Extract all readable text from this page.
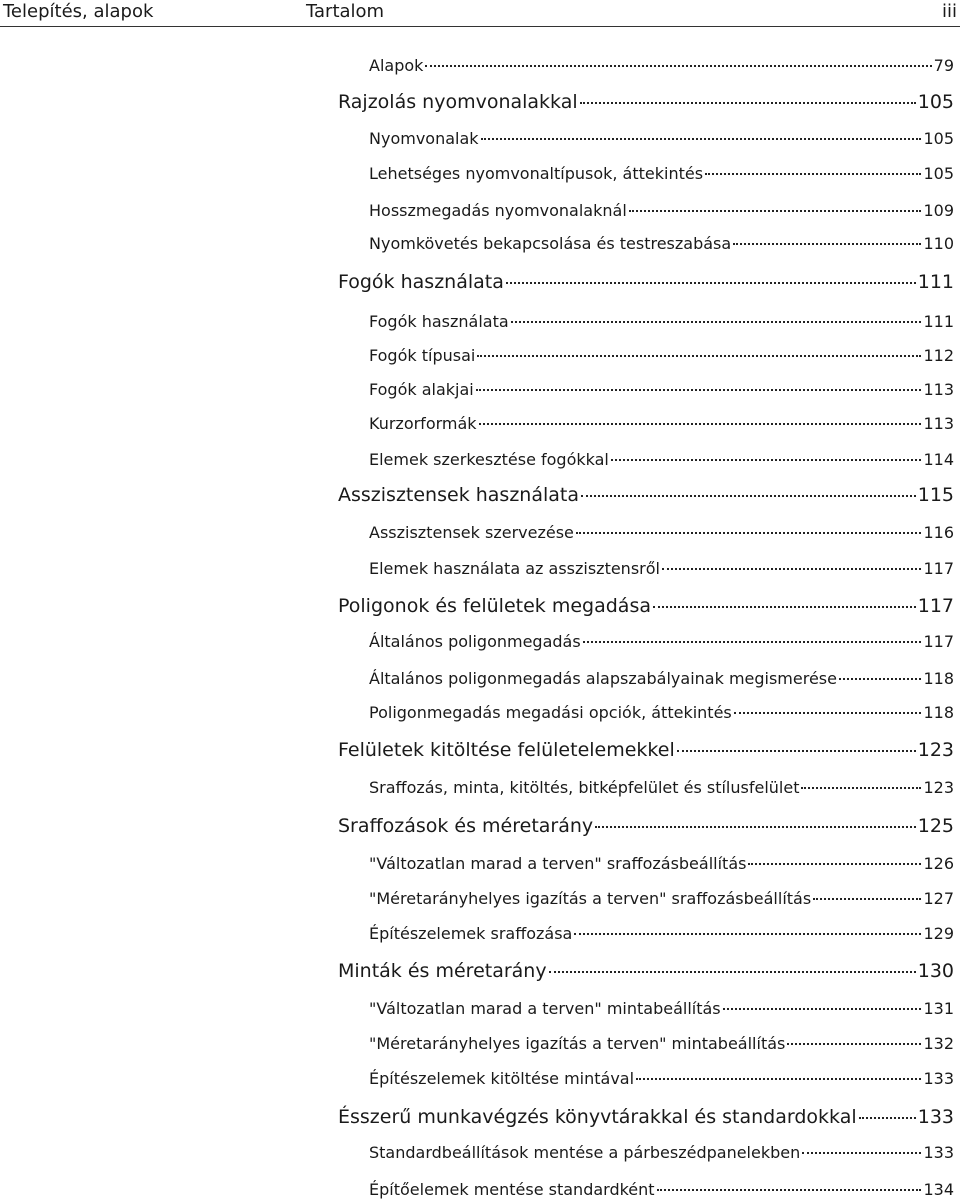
Telepítés, alapok	Tartalom	iii
Alapok	79
Rajzolás nyomvonalakkal	105
Nyomvonalak	105
Lehetséges nyomvonaltípusok, áttekintés	105
Hosszmegadás nyomvonalaknál	109
Nyomkövetés bekapcsolása és testreszabása	110
Fogók használata	111
Fogók használata	111
Fogók típusai	112
Fogók alakjai	113
Kurzorformák	113
Elemek szerkesztése fogókkal	114
Asszisztensek használata	115
Asszisztensek szervezése	116
Elemek használata az asszisztensről	117
Poligonok és felületek megadása	117
Általános poligonmegadás	117
Általános poligonmegadás alapszabályainak megismerése	118
Poligonmegadás megadási opciók, áttekintés	118
Felületek kitöltése felületelemekkel	123
Sraffozás, minta, kitöltés, bitképfelület és stílusfelület	123
Sraffozások és méretarány	125
"Változatlan marad a terven" sraffozásbeállítás	126
"Méretarányhelyes igazítás a terven" sraffozásbeállítás	127
Építészelemek sraffozása	129
Minták és méretarány	130
"Változatlan marad a terven" mintabeállítás	131
"Méretarányhelyes igazítás a terven" mintabeállítás	132
Építészelemek kitöltése mintával	133
Ésszerű munkavégzés könyvtárakkal és standardokkal	133
Standardbeállítások mentése a párbeszédpanelekben	133
Építőelemek mentése standardként	134
